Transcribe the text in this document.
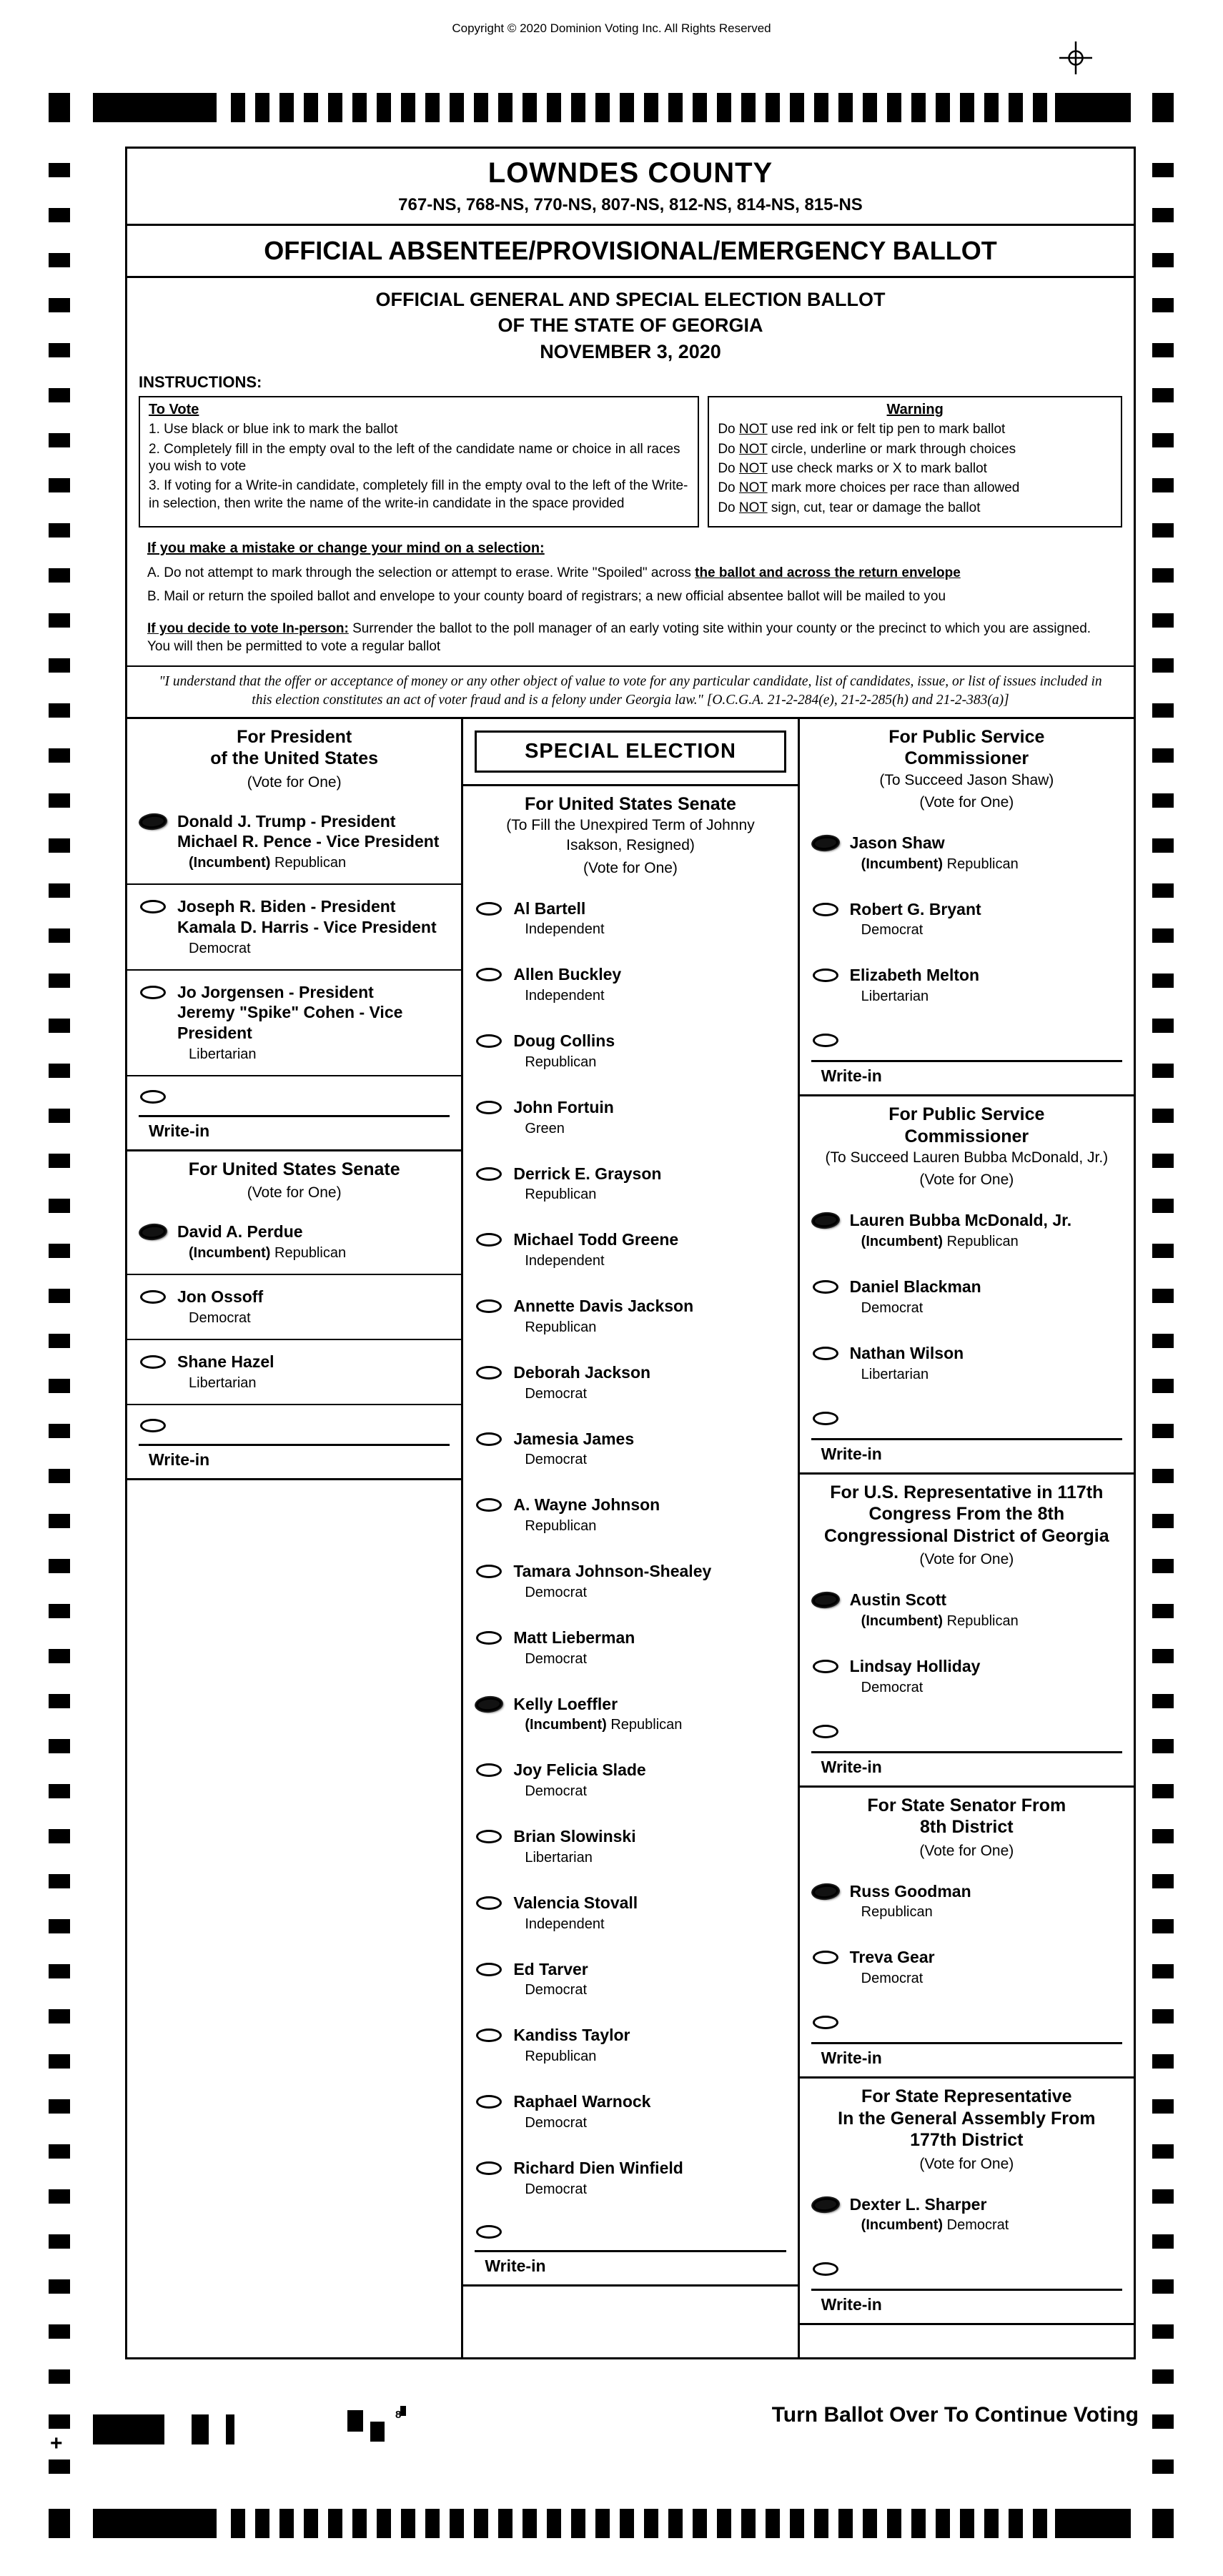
Copyright © 2020 Dominion Voting Inc. All Rights Reserved
LOWNDES COUNTY
767-NS, 768-NS, 770-NS, 807-NS, 812-NS, 814-NS, 815-NS
OFFICIAL ABSENTEE/PROVISIONAL/EMERGENCY BALLOT
OFFICIAL GENERAL AND SPECIAL ELECTION BALLOT
OF THE STATE OF GEORGIA
NOVEMBER 3, 2020
INSTRUCTIONS:
To Vote
1. Use black or blue ink to mark the ballot
2. Completely fill in the empty oval to the left of the candidate name or choice in all races you wish to vote
3. If voting for a Write-in candidate, completely fill in the empty oval to the left of the Write-in selection, then write the name of the write-in candidate in the space provided
Warning
Do NOT use red ink or felt tip pen to mark ballot
Do NOT circle, underline or mark through choices
Do NOT use check marks or X to mark ballot
Do NOT mark more choices per race than allowed
Do NOT sign, cut, tear or damage the ballot
If you make a mistake or change your mind on a selection:
A. Do not attempt to mark through the selection or attempt to erase. Write "Spoiled" across the ballot and across the return envelope
B. Mail or return the spoiled ballot and envelope to your county board of registrars; a new official absentee ballot will be mailed to you
If you decide to vote In-person: Surrender the ballot to the poll manager of an early voting site within your county or the precinct to which you are assigned. You will then be permitted to vote a regular ballot
"I understand that the offer or acceptance of money or any other object of value to vote for any particular candidate, list of candidates, issue, or list of issues included in this election constitutes an act of voter fraud and is a felony under Georgia law." [O.C.G.A. 21-2-284(e), 21-2-285(h) and 21-2-383(a)]
For President
of the United States
(Vote for One)
Donald J. Trump - President
Michael R. Pence - Vice President
(Incumbent) Republican
Joseph R. Biden - President
Kamala D. Harris - Vice President
Democrat
Jo Jorgensen - President
Jeremy "Spike" Cohen - Vice President
Libertarian
Write-in
For United States Senate
(Vote for One)
David A. Perdue
(Incumbent) Republican
Jon Ossoff
Democrat
Shane Hazel
Libertarian
Write-in
SPECIAL ELECTION
For United States Senate
(To Fill the Unexpired Term of Johnny
Isakson, Resigned)
(Vote for One)
Al Bartell
Independent
Allen Buckley
Independent
Doug Collins
Republican
John Fortuin
Green
Derrick E. Grayson
Republican
Michael Todd Greene
Independent
Annette Davis Jackson
Republican
Deborah Jackson
Democrat
Jamesia James
Democrat
A. Wayne Johnson
Republican
Tamara Johnson-Shealey
Democrat
Matt Lieberman
Democrat
Kelly Loeffler
(Incumbent) Republican
Joy Felicia Slade
Democrat
Brian Slowinski
Libertarian
Valencia Stovall
Independent
Ed Tarver
Democrat
Kandiss Taylor
Republican
Raphael Warnock
Democrat
Richard Dien Winfield
Democrat
Write-in
For Public Service
Commissioner
(To Succeed Jason Shaw)
(Vote for One)
Jason Shaw
(Incumbent) Republican
Robert G. Bryant
Democrat
Elizabeth Melton
Libertarian
Write-in
For Public Service
Commissioner
(To Succeed Lauren Bubba McDonald, Jr.)
(Vote for One)
Lauren Bubba McDonald, Jr.
(Incumbent) Republican
Daniel Blackman
Democrat
Nathan Wilson
Libertarian
Write-in
For U.S. Representative in 117th
Congress From the 8th
Congressional District of Georgia
(Vote for One)
Austin Scott
(Incumbent) Republican
Lindsay Holliday
Democrat
Write-in
For State Senator From
8th District
(Vote for One)
Russ Goodman
Republican
Treva Gear
Democrat
Write-in
For State Representative
In the General Assembly From
177th District
(Vote for One)
Dexter L. Sharper
(Incumbent) Democrat
Write-in
Turn Ballot Over To Continue Voting
8
+
